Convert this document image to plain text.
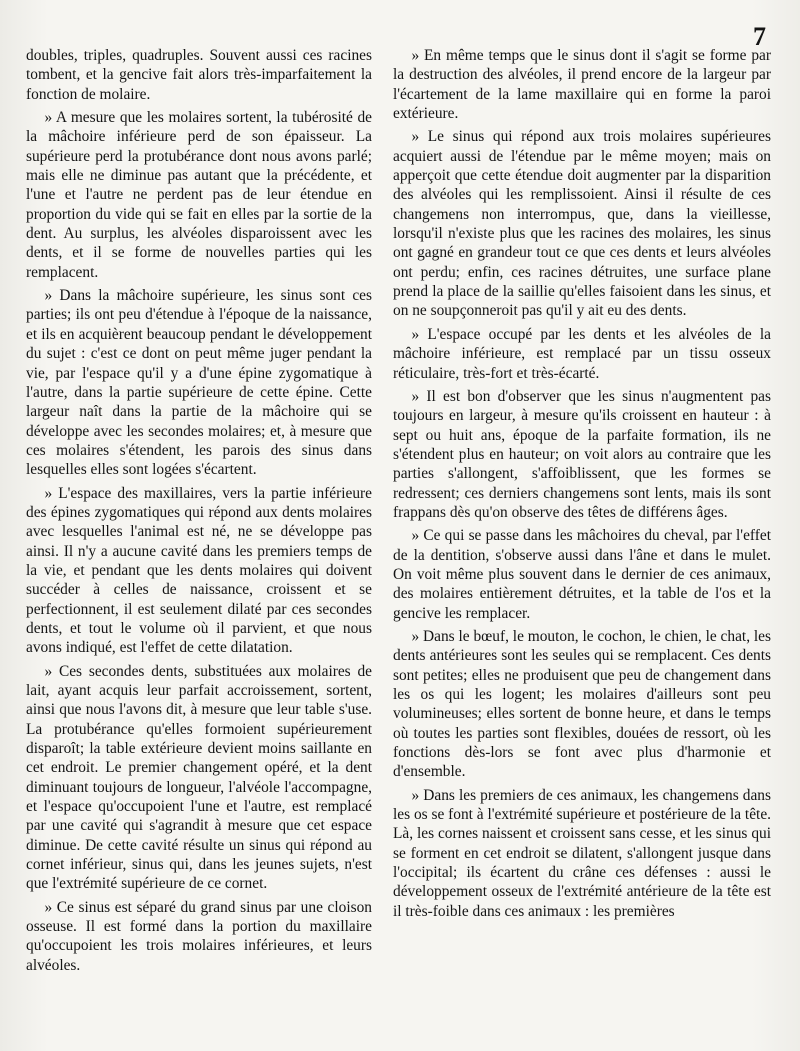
7

doubles, triples, quadruples. Souvent aussi ces racines tombent, et la gencive fait alors très-imparfaitement la fonction de molaire.

» A mesure que les molaires sortent, la tubérosité de la mâchoire inférieure perd de son épaisseur. La supérieure perd la protubérance dont nous avons parlé; mais elle ne diminue pas autant que la précédente, et l'une et l'autre ne perdent pas de leur étendue en proportion du vide qui se fait en elles par la sortie de la dent. Au surplus, les alvéoles disparoissent avec les dents, et il se forme de nouvelles parties qui les remplacent.

» Dans la mâchoire supérieure, les sinus sont ces parties; ils ont peu d'étendue à l'époque de la naissance, et ils en acquièrent beaucoup pendant le développement du sujet : c'est ce dont on peut même juger pendant la vie, par l'espace qu'il y a d'une épine zygomatique à l'autre, dans la partie supérieure de cette épine. Cette largeur naît dans la partie de la mâchoire qui se développe avec les secondes molaires; et, à mesure que ces molaires s'étendent, les parois des sinus dans lesquelles elles sont logées s'écartent.

» L'espace des maxillaires, vers la partie inférieure des épines zygomatiques qui répond aux dents molaires avec lesquelles l'animal est né, ne se développe pas ainsi. Il n'y a aucune cavité dans les premiers temps de la vie, et pendant que les dents molaires qui doivent succéder à celles de naissance, croissent et se perfectionnent, il est seulement dilaté par ces secondes dents, et tout le volume où il parvient, et que nous avons indiqué, est l'effet de cette dilatation.

» Ces secondes dents, substituées aux molaires de lait, ayant acquis leur parfait accroissement, sortent, ainsi que nous l'avons dit, à mesure que leur table s'use. La protubérance qu'elles formoient supérieurement disparoît; la table extérieure devient moins saillante en cet endroit. Le premier changement opéré, et la dent diminuant toujours de longueur, l'alvéole l'accompagne, et l'espace qu'occupoient l'une et l'autre, est remplacé par une cavité qui s'agrandit à mesure que cet espace diminue. De cette cavité résulte un sinus qui répond au cornet inférieur, sinus qui, dans les jeunes sujets, n'est que l'extrémité supérieure de ce cornet.

» Ce sinus est séparé du grand sinus par une cloison osseuse. Il est formé dans la portion du maxillaire qu'occupoient les trois molaires inférieures, et leurs alvéoles.

» En même temps que le sinus dont il s'agit se forme par la destruction des alvéoles, il prend encore de la largeur par l'écartement de la lame maxillaire qui en forme la paroi extérieure.

» Le sinus qui répond aux trois molaires supérieures acquiert aussi de l'étendue par le même moyen; mais on apperçoit que cette étendue doit augmenter par la disparition des alvéoles qui les remplissoient. Ainsi il résulte de ces changemens non interrompus, que, dans la vieillesse, lorsqu'il n'existe plus que les racines des molaires, les sinus ont gagné en grandeur tout ce que ces dents et leurs alvéoles ont perdu; enfin, ces racines détruites, une surface plane prend la place de la saillie qu'elles faisoient dans les sinus, et on ne soupçonneroit pas qu'il y ait eu des dents.

» L'espace occupé par les dents et les alvéoles de la mâchoire inférieure, est remplacé par un tissu osseux réticulaire, très-fort et très-écarté.

» Il est bon d'observer que les sinus n'augmentent pas toujours en largeur, à mesure qu'ils croissent en hauteur : à sept ou huit ans, époque de la parfaite formation, ils ne s'étendent plus en hauteur; on voit alors au contraire que les parties s'allongent, s'affoiblissent, que les formes se redressent; ces derniers changemens sont lents, mais ils sont frappans dès qu'on observe des têtes de différens âges.

» Ce qui se passe dans les mâchoires du cheval, par l'effet de la dentition, s'observe aussi dans l'âne et dans le mulet. On voit même plus souvent dans le dernier de ces animaux, des molaires entièrement détruites, et la table de l'os et la gencive les remplacer.

» Dans le bœuf, le mouton, le cochon, le chien, le chat, les dents antérieures sont les seules qui se remplacent. Ces dents sont petites; elles ne produisent que peu de changement dans les os qui les logent; les molaires d'ailleurs sont peu volumineuses; elles sortent de bonne heure, et dans le temps où toutes les parties sont flexibles, douées de ressort, où les fonctions dès-lors se font avec plus d'harmonie et d'ensemble.

» Dans les premiers de ces animaux, les changemens dans les os se font à l'extrémité supérieure et postérieure de la tête. Là, les cornes naissent et croissent sans cesse, et les sinus qui se forment en cet endroit se dilatent, s'allongent jusque dans l'occipital; ils écartent du crâne ces défenses : aussi le développement osseux de l'extrémité antérieure de la tête est il très-foible dans ces animaux : les premières
